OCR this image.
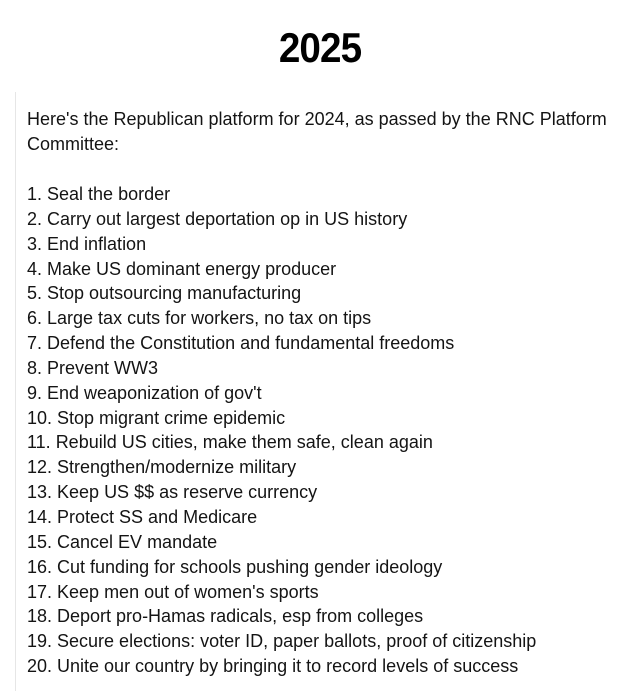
2025
Here's the Republican platform for 2024, as passed by the RNC Platform Committee:
1. Seal the border
2. Carry out largest deportation op in US history
3. End inflation
4. Make US dominant energy producer
5. Stop outsourcing manufacturing
6. Large tax cuts for workers, no tax on tips
7. Defend the Constitution and fundamental freedoms
8. Prevent WW3
9. End weaponization of gov't
10. Stop migrant crime epidemic
11. Rebuild US cities, make them safe, clean again
12. Strengthen/modernize military
13. Keep US $$ as reserve currency
14. Protect SS and Medicare
15. Cancel EV mandate
16. Cut funding for schools pushing gender ideology
17. Keep men out of women's sports
18. Deport pro-Hamas radicals, esp from colleges
19. Secure elections: voter ID, paper ballots, proof of citizenship
20. Unite our country by bringing it to record levels of success
